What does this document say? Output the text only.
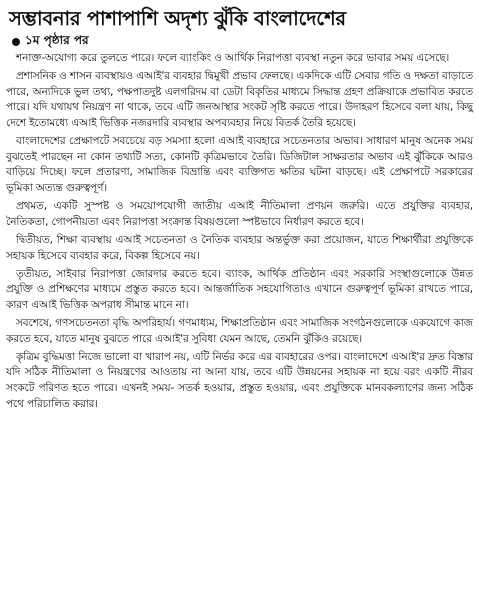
সম্ভাবনার পাশাপাশি অদৃশ্য ঝুঁকি বাংলাদেশের
১ম পৃষ্ঠার পর

শনাক্ত-অযোগ্য করে তুলতে পারে। ফলে ব্যাংকিং ও আর্থিক নিরাপত্তা ব্যবস্থা নতুন করে ভাবার সময় এসেছে।

প্রশাসনিক ও শাসন ব্যবস্থায়ও এআই'র ব্যবহার দ্বিমুখী প্রভাব ফেলছে। একদিকে এটি সেবার গতি ও দক্ষতা বাড়াতে পারে, অন্যদিকে ভুল তথ্য, পক্ষপাতদুষ্ট এলগরিদম বা ডেটা বিকৃতির মাধ্যমে সিদ্ধান্ত গ্রহণ প্রক্রিয়াকে প্রভাবিত করতে পারে। যদি যথাযথ নিয়ন্ত্রণ না থাকে, তবে এটি জনআস্থার সংকট সৃষ্টি করতে পারে। উদাহরণ হিসেবে বলা যায়, কিছু দেশে ইতোমধ্যে এআই ভিত্তিক নজরদারি ব্যবস্থার অপব্যবহার নিয়ে বিতর্ক তৈরি হয়েছে।

বাংলাদেশের প্রেক্ষাপটে সবচেয়ে বড় সমস্যা হলো এআই ব্যবহারে সচেতনতার অভাব। সাধারণ মানুষ অনেক সময় বুঝতেই পারছেন না কোন তথ্যটি সত্য, কোনটি কৃত্রিমভাবে তৈরি। ডিজিটাল সাক্ষরতার অভাব এই ঝুঁকিকে আরও বাড়িয়ে দিচ্ছে। ফলে প্রতারণা, সামাজিক বিভ্রান্তি এবং ব্যক্তিগত ক্ষতির ঘটনা বাড়ছে। এই প্রেক্ষাপটে সরকারের ভূমিকা অত্যন্ত গুরুত্বপূর্ণ।

প্রথমত, একটি সুস্পষ্ট ও সময়োপযোগী জাতীয় এআই নীতিমালা প্রণয়ন জরুরি। এতে প্রযুক্তির ব্যবহার, নৈতিকতা, গোপনীয়তা এবং নিরাপত্তা সংক্রান্ত বিষয়গুলো স্পষ্টভাবে নির্ধারণ করতে হবে।

দ্বিতীয়ত, শিক্ষা ব্যবস্থায় এআই সচেতনতা ও নৈতিক ব্যবহার অন্তর্ভুক্ত করা প্রয়োজন, যাতে শিক্ষার্থীরা প্রযুক্তিকে সহায়ক হিসেবে ব্যবহার করে, বিকল্প হিসেবে নয়।

তৃতীয়ত, সাইবার নিরাপত্তা জোরদার করতে হবে। ব্যাংক, আর্থিক প্রতিষ্ঠান এবং সরকারি সংস্থাগুলোকে উন্নত প্রযুক্তি ও প্রশিক্ষণের মাধ্যমে প্রস্তুত করতে হবে। আন্তর্জাতিক সহযোগিতাও এখানে গুরুত্বপূর্ণ ভূমিকা রাখতে পারে, কারণ এআই ভিত্তিক অপরাধ সীমান্ত মানে না।

সবশেষে, গণসচেতনতা বৃদ্ধি অপরিহার্য। গণমাধ্যম, শিক্ষাপ্রতিষ্ঠান এবং সামাজিক সংগঠনগুলোকে একযোগে কাজ করতে হবে, যাতে মানুষ বুঝতে পারে এআই'র সুবিধা যেমন আছে, তেমনি ঝুঁকিও রয়েছে।

কৃত্রিম বুদ্ধিমত্তা নিজে ভালো বা খারাপ নয়, এটি নির্ভর করে এর ব্যবহারের ওপর। বাংলাদেশে এআই'র দ্রুত বিস্তার যদি সঠিক নীতিমালা ও নিয়ন্ত্রণের আওতায় না আনা যায়, তবে এটি উন্নয়নের সহায়ক না হয়ে বরং একটি নীরব সংকটে পরিণত হতে পারে। এখনই সময়- সতর্ক হওয়ার, প্রস্তুত হওয়ার, এবং প্রযুক্তিকে মানবকল্যাণের জন্য সঠিক পথে পরিচালিত করার।
